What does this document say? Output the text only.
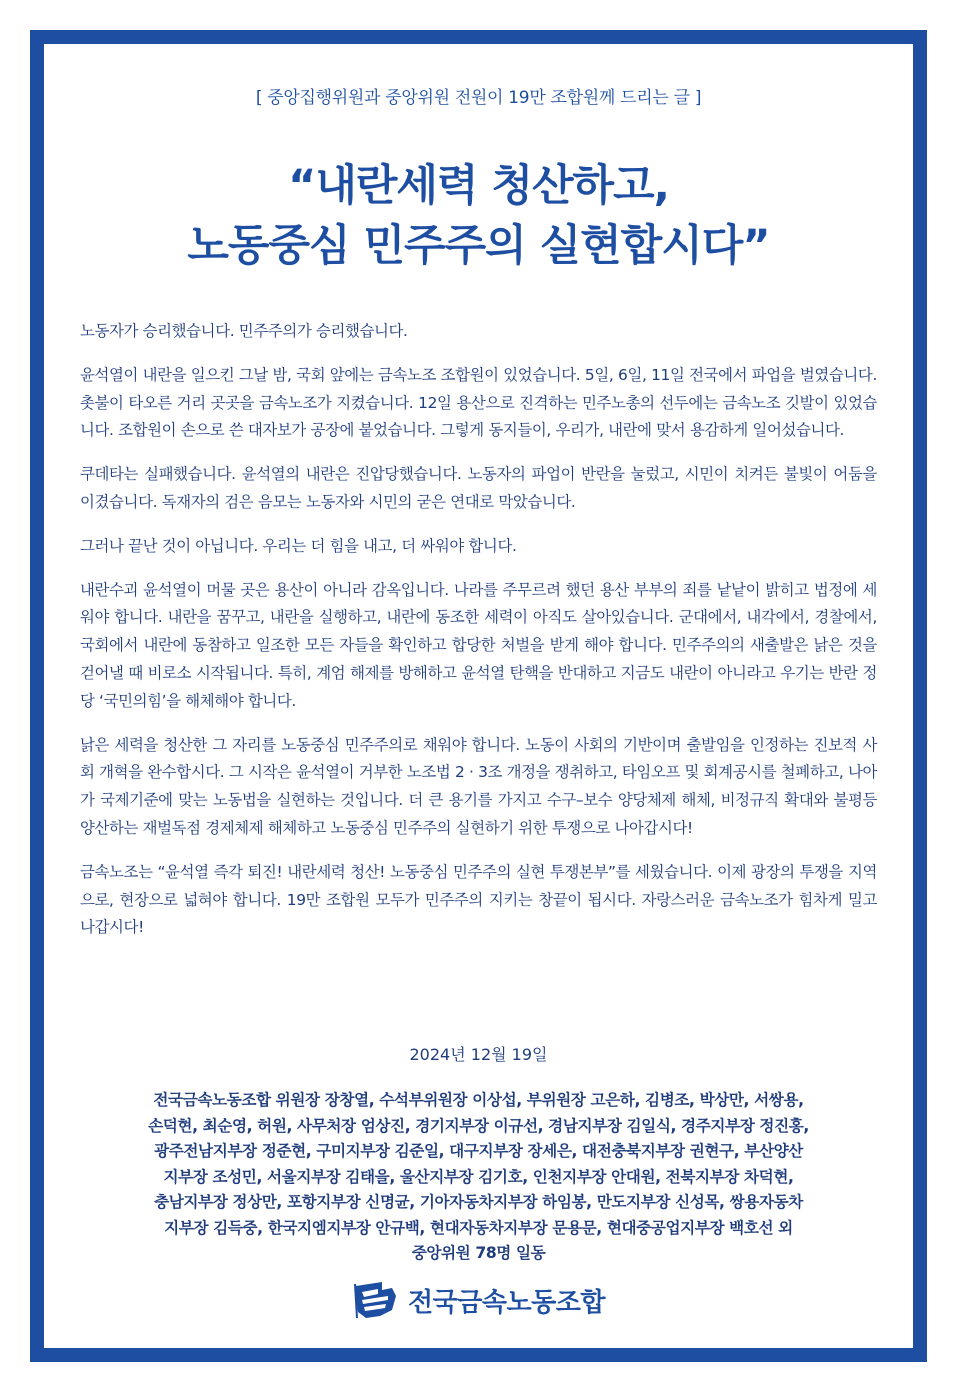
[ 중앙집행위원과 중앙위원 전원이 19만 조합원께 드리는 글 ]
“내란세력 청산하고,
노동중심 민주주의 실현합시다”

노동자가 승리했습니다. 민주주의가 승리했습니다.

윤석열이 내란을 일으킨 그날 밤, 국회 앞에는 금속노조 조합원이 있었습니다. 5일, 6일, 11일 전국에서 파업을 벌였습니다. 촛불이 타오른 거리 곳곳을 금속노조가 지켰습니다. 12일 용산으로 진격하는 민주노총의 선두에는 금속노조 깃발이 있었습니다. 조합원이 손으로 쓴 대자보가 공장에 붙었습니다. 그렇게 동지들이, 우리가, 내란에 맞서 용감하게 일어섰습니다.

쿠데타는 실패했습니다. 윤석열의 내란은 진압당했습니다. 노동자의 파업이 반란을 눌렀고, 시민이 치켜든 불빛이 어둠을 이겼습니다. 독재자의 검은 음모는 노동자와 시민의 굳은 연대로 막았습니다.

그러나 끝난 것이 아닙니다. 우리는 더 힘을 내고, 더 싸워야 합니다.

내란수괴 윤석열이 머물 곳은 용산이 아니라 감옥입니다. 나라를 주무르려 했던 용산 부부의 죄를 낱낱이 밝히고 법정에 세워야 합니다. 내란을 꿈꾸고, 내란을 실행하고, 내란에 동조한 세력이 아직도 살아있습니다. 군대에서, 내각에서, 경찰에서, 국회에서 내란에 동참하고 일조한 모든 자들을 확인하고 합당한 처벌을 받게 해야 합니다. 민주주의의 새출발은 낡은 것을 걷어낼 때 비로소 시작됩니다. 특히, 계엄 해제를 방해하고 윤석열 탄핵을 반대하고 지금도 내란이 아니라고 우기는 반란 정당 ‘국민의힘’을 해체해야 합니다.

낡은 세력을 청산한 그 자리를 노동중심 민주주의로 채워야 합니다. 노동이 사회의 기반이며 출발임을 인정하는 진보적 사회 개혁을 완수합시다. 그 시작은 윤석열이 거부한 노조법 2 · 3조 개정을 쟁취하고, 타임오프 및 회계공시를 철폐하고, 나아가 국제기준에 맞는 노동법을 실현하는 것입니다. 더 큰 용기를 가지고 수구–보수 양당체제 해체, 비정규직 확대와 불평등 양산하는 재벌독점 경제체제 해체하고 노동중심 민주주의 실현하기 위한 투쟁으로 나아갑시다!

금속노조는 “윤석열 즉각 퇴진! 내란세력 청산! 노동중심 민주주의 실현 투쟁본부”를 세웠습니다. 이제 광장의 투쟁을 지역으로, 현장으로 넓혀야 합니다. 19만 조합원 모두가 민주주의 지키는 창끝이 됩시다. 자랑스러운 금속노조가 힘차게 밀고 나갑시다!

2024년 12월 19일
전국금속노동조합 위원장 장창열, 수석부위원장 이상섭, 부위원장 고은하, 김병조, 박상만, 서쌍용,
손덕현, 최순영, 허원, 사무처장 엄상진, 경기지부장 이규선, 경남지부장 김일식, 경주지부장 정진홍,
광주전남지부장 정준현, 구미지부장 김준일, 대구지부장 장세은, 대전충북지부장 권현구, 부산양산
지부장 조성민, 서울지부장 김태을, 울산지부장 김기호, 인천지부장 안대원, 전북지부장 차덕현,
충남지부장 정상만, 포항지부장 신명균, 기아자동차지부장 하임봉, 만도지부장 신성목, 쌍용자동차
지부장 김득중, 한국지엠지부장 안규백, 현대자동차지부장 문용문, 현대중공업지부장 백호선 외
중앙위원 78명 일동
전국금속노동조합
